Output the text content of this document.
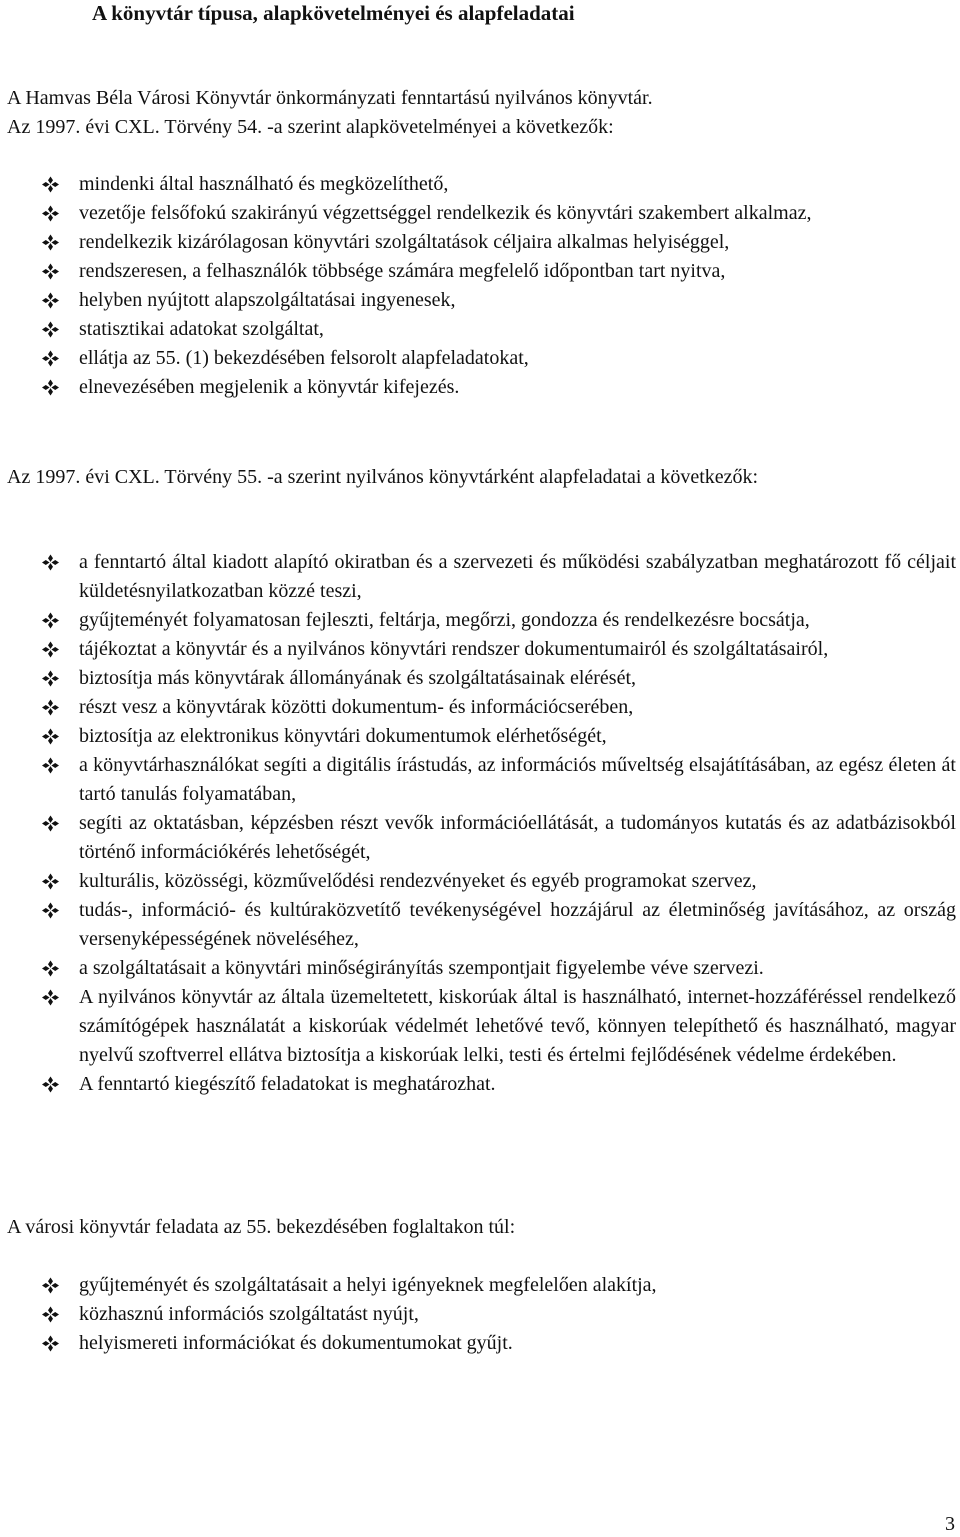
A könyvtár típusa, alapkövetelményei és alapfeladatai

A Hamvas Béla Városi Könyvtár önkormányzati fenntartású nyilvános könyvtár.

Az 1997. évi CXL. Törvény 54. -a szerint alapkövetelményei a következők:

mindenki által használható és megközelíthető,
vezetője felsőfokú szakirányú végzettséggel rendelkezik és könyvtári szakembert alkalmaz,
rendelkezik kizárólagosan könyvtári szolgáltatások céljaira alkalmas helyiséggel,
rendszeresen, a felhasználók többsége számára megfelelő időpontban tart nyitva,
helyben nyújtott alapszolgáltatásai ingyenesek,
statisztikai adatokat szolgáltat,
ellátja az 55. (1) bekezdésében felsorolt alapfeladatokat,
elnevezésében megjelenik a könyvtár kifejezés.

Az 1997. évi CXL. Törvény 55. -a szerint nyilvános könyvtárként alapfeladatai a következők:

a fenntartó által kiadott alapító okiratban és a szervezeti és működési szabályzatban meghatározott fő céljait küldetésnyilatkozatban közzé teszi,
gyűjteményét folyamatosan fejleszti, feltárja, megőrzi, gondozza és rendelkezésre bocsátja,
tájékoztat a könyvtár és a nyilvános könyvtári rendszer dokumentumairól és szolgáltatásairól,
biztosítja más könyvtárak állományának és szolgáltatásainak elérését,
részt vesz a könyvtárak közötti dokumentum- és információcserében,
biztosítja az elektronikus könyvtári dokumentumok elérhetőségét,
a könyvtárhasználókat segíti a digitális írástudás, az információs műveltség elsajátításában, az egész életen át tartó tanulás folyamatában,
segíti az oktatásban, képzésben részt vevők információellátását, a tudományos kutatás és az adatbázisokból történő információkérés lehetőségét,
kulturális, közösségi, közművelődési rendezvényeket és egyéb programokat szervez,
tudás-, információ- és kultúraközvetítő tevékenységével hozzájárul az életminőség javításához, az ország versenyképességének növeléséhez,
a szolgáltatásait a könyvtári minőségirányítás szempontjait figyelembe véve szervezi.
A nyilvános könyvtár az általa üzemeltetett, kiskorúak által is használható, internet-hozzáféréssel rendelkező számítógépek használatát a kiskorúak védelmét lehetővé tevő, könnyen telepíthető és használható, magyar nyelvű szoftverrel ellátva biztosítja a kiskorúak lelki, testi és értelmi fejlődésének védelme érdekében.
A fenntartó kiegészítő feladatokat is meghatározhat.

A városi könyvtár feladata az 55. bekezdésében foglaltakon túl:

gyűjteményét és szolgáltatásait a helyi igényeknek megfelelően alakítja,
közhasznú információs szolgáltatást nyújt,
helyismereti információkat és dokumentumokat gyűjt.
3
